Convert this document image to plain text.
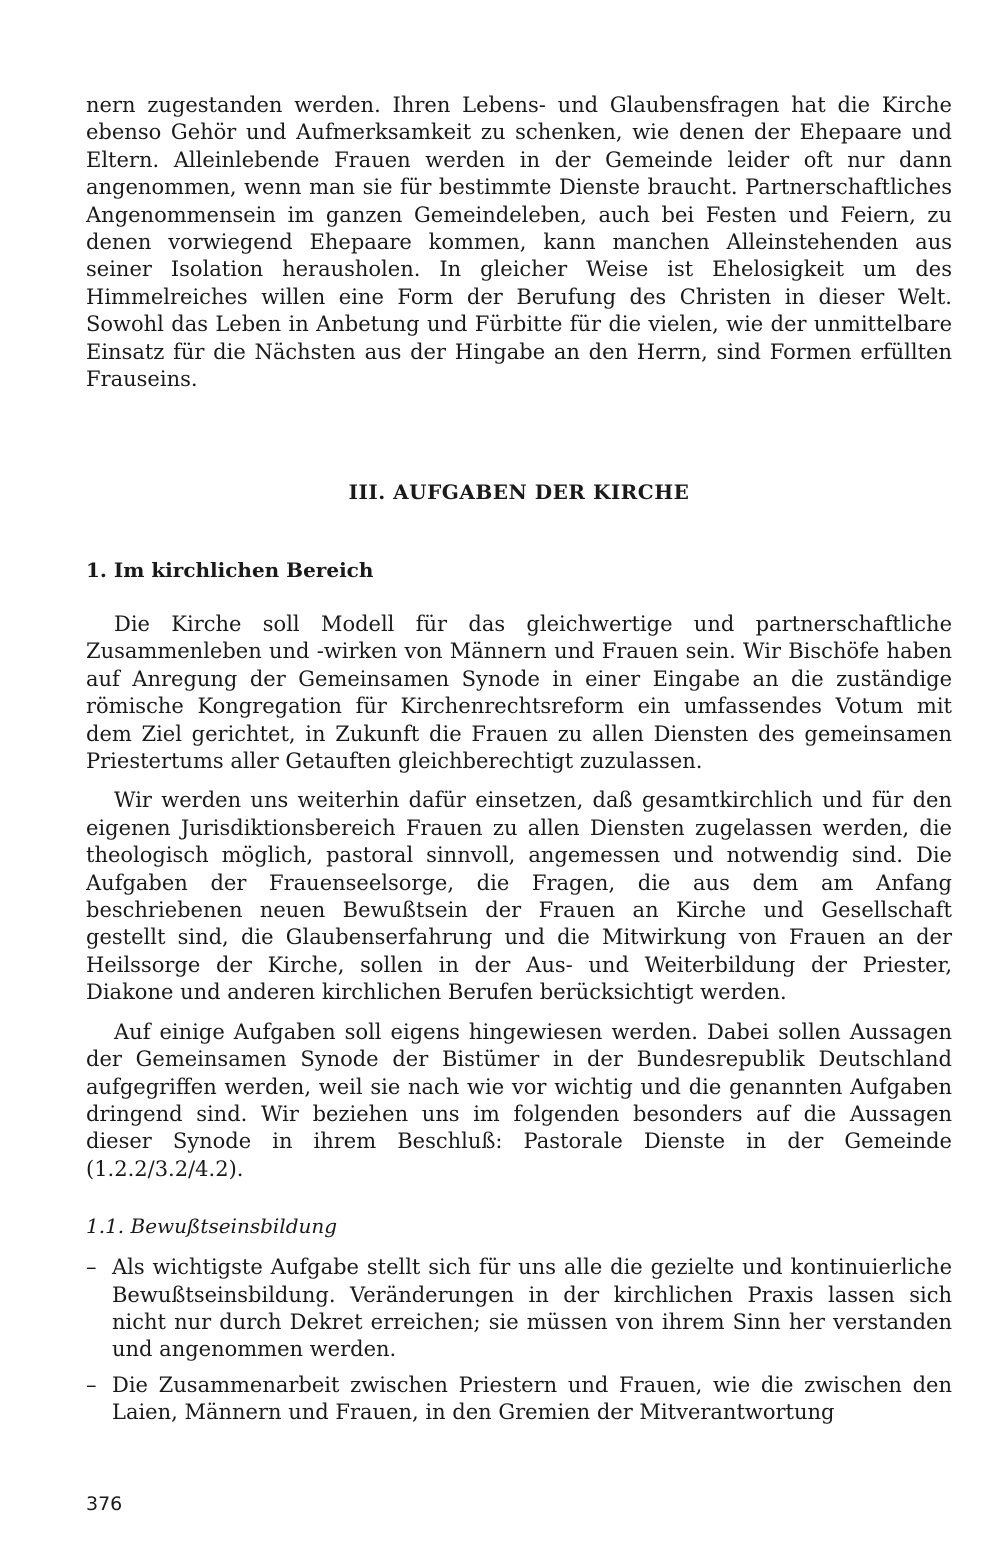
nern zugestanden werden. Ihren Lebens- und Glaubensfragen hat die Kirche ebenso Gehör und Aufmerksamkeit zu schenken, wie denen der Ehepaare und Eltern. Alleinlebende Frauen werden in der Gemeinde leider oft nur dann angenommen, wenn man sie für bestimmte Dienste braucht. Partnerschaftliches Angenommensein im ganzen Gemeindeleben, auch bei Festen und Feiern, zu denen vorwiegend Ehepaare kommen, kann manchen Alleinstehenden aus seiner Isolation herausholen. In gleicher Weise ist Ehelosigkeit um des Himmelreiches willen eine Form der Berufung des Christen in dieser Welt. Sowohl das Leben in Anbetung und Fürbitte für die vielen, wie der unmittelbare Einsatz für die Nächsten aus der Hingabe an den Herrn, sind Formen erfüllten Frauseins.

III. AUFGABEN DER KIRCHE
1. Im kirchlichen Bereich

Die Kirche soll Modell für das gleichwertige und partnerschaftliche Zusammenleben und -wirken von Männern und Frauen sein. Wir Bischöfe haben auf Anregung der Gemeinsamen Synode in einer Eingabe an die zuständige römische Kongregation für Kirchenrechtsreform ein umfassendes Votum mit dem Ziel gerichtet, in Zukunft die Frauen zu allen Diensten des gemeinsamen Priestertums aller Getauften gleichberechtigt zuzulassen.

Wir werden uns weiterhin dafür einsetzen, daß gesamtkirchlich und für den eigenen Jurisdiktionsbereich Frauen zu allen Diensten zugelassen werden, die theologisch möglich, pastoral sinnvoll, angemessen und notwendig sind. Die Aufgaben der Frauenseelsorge, die Fragen, die aus dem am Anfang beschriebenen neuen Bewußtsein der Frauen an Kirche und Gesellschaft gestellt sind, die Glaubenserfahrung und die Mitwirkung von Frauen an der Heilssorge der Kirche, sollen in der Aus- und Weiterbildung der Priester, Diakone und anderen kirchlichen Berufen berücksichtigt werden.

Auf einige Aufgaben soll eigens hingewiesen werden. Dabei sollen Aussagen der Gemeinsamen Synode der Bistümer in der Bundesrepublik Deutschland aufgegriffen werden, weil sie nach wie vor wichtig und die genannten Aufgaben dringend sind. Wir beziehen uns im folgenden besonders auf die Aussagen dieser Synode in ihrem Beschluß: Pastorale Dienste in der Gemeinde (1.2.2/3.2/4.2).

1.1. Bewußtseinsbildung
– Als wichtigste Aufgabe stellt sich für uns alle die gezielte und kontinuierliche Bewußtseinsbildung. Veränderungen in der kirchlichen Praxis lassen sich nicht nur durch Dekret erreichen; sie müssen von ihrem Sinn her verstanden und angenommen werden.
– Die Zusammenarbeit zwischen Priestern und Frauen, wie die zwischen den Laien, Männern und Frauen, in den Gremien der Mitverantwortung
376
